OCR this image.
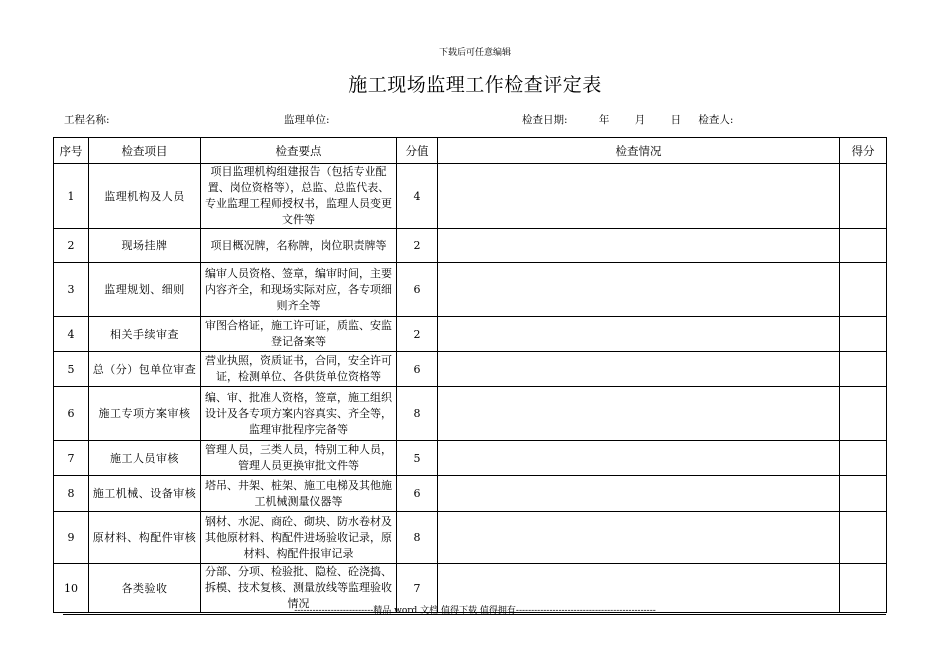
下载后可任意编辑
施工现场监理工作检查评定表
工程名称:	监理单位:	检查日期:	年 月 日 检查人:
序号	检查项目	检查要点	分值	检查情况	得分
1	监理机构及人员	项目监理机构组建报告（包括专业配置、岗位资格等），总监、总监代表、专业监理工程师授权书，监理人员变更文件等	4		
2	现场挂牌	项目概况牌，名称牌，岗位职责牌等	2		
3	监理规划、细则	编审人员资格、签章，编审时间，主要内容齐全，和现场实际对应，各专项细则齐全等	6		
4	相关手续审查	审图合格证，施工许可证，质监、安监登记备案等	2		
5	总（分）包单位审查	营业执照，资质证书，合同，安全许可证，检测单位、各供货单位资格等	6		
6	施工专项方案审核	编、审、批准人资格，签章，施工组织设计及各专项方案内容真实、齐全等，监理审批程序完备等	8		
7	施工人员审核	管理人员，三类人员，特别工种人员，管理人员更换审批文件等	5		
8	施工机械、设备审核	塔吊、井架、桩架、施工电梯及其他施工机械测量仪器等	6		
9	原材料、构配件审核	钢材、水泥、商砼、砌块、防水卷材及其他原材料、构配件进场验收记录，原材料、构配件报审记录	8		
10	各类验收	分部、分项、检验批、隐检、砼浇捣、拆模、技术复核、测量放线等监理验收情况	7		
--------------------------精品 word 文档 值得下载 值得拥有----------------------------------------------
